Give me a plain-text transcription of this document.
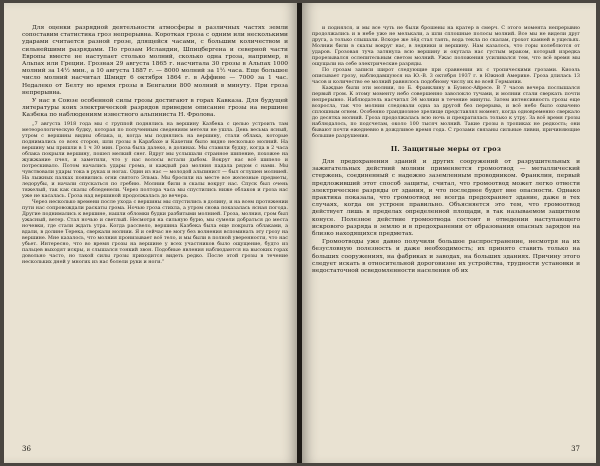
Для оценки разрядной деятельности атмосферы в различных частях земли сопоставим статистика гроз непрерывна. Короткая гроза с одним или несколькими ударами считается разной грозе, длящейся часами, с большим количеством и сильнейшими разрядами. По грозам Исландии, Шпицбергена и северной части Европы вместе не наступает столько молний, сколько одна гроза, например, в Альпах или Греции. Грозная 29 августа 1865 г. насчитала 30 грозы в Альпах 1000 молний за 14½ мин., а 10 августа 1887 г. — 8000 молний за 1½ часа. Еще большее число молний насчитал Шмидт 6 октября 1864 г. в Аффине — 7000 за 1 час. Недалеко от Белту во время грозы в Бенгалии 800 молний в минуту. При гроза непрерывна.

У нас в Союзе особенной силы грозы достигают в горах Кавказа. Для будущей литературы коих электрической разрядов приведем описание грозы на вершине Казбека по наблюдениям известного альпиниста Н. Фролова.

„7 августа 1918 года мы с группой поднялись на вершину Казбека с целью устроить там метеорологическую будку, которая по полученным сведениям метели не ушла. День весьма ясный, утром с вершины видны облака, и, когда мы поднялись на вершину, стали облака, которые поднимались со всех сторон, шли грозы в Карабахе и Кахетии было видно несколько молний. На вершину мы пришли в 1 ч 30 мин. Гроза была далеко, в долинах. Мы ставили будку, когда в 2 часа облака покрыли вершину, пошел мелкий снег. Вдруг мы услышали странное шипение, похожее на жужжание пчел, и заметили, что у нас волосы встали дыбом. Вокруг нас всё шипело и потрескивало. Потом начались удары грома, и каждый раз молния падала рядом с нами. Мы чувствовали удары тока в руках и ногах. Один из нас — молодой альпинист — был оглушен молнией. На лыжных палках появились огни святого Эльма. Мы бросили на месте все железные предметы, ледорубы, и начали спускаться по гребню. Молнии били в скалы вокруг нас. Спуск был очень тяжелый, так как скалы обледенели. Через полтора часа мы спустились ниже облаков и гроза нас уже не касалась. Гроза над вершиной продолжалась до вечера.

Через несколько времени после ухода с вершины мы спустились в долину, и на всем протяжении пути нас сопровождали раскаты грома. Ночью гроза стихла, а утром снова показалась ясная погода. Другие поднимались к вершине, нашли обломки будки разбитыми молнией. Гроза, молния, гром был ужасный, ветер. Стал ночью и светлый. Несмотря на сильную бурю, мы сумели добраться до места ночевки, где стали ждать утра. Когда рассвело, вершина Казбека была еще покрыта облаками, а вдали, в долине Терека, сверкали молнии. Я и сейчас не могу без волнения вспоминать эту грозу на вершине. Мне казалось, что молния пронизывает всё тело, и мы были в полной уверенности, что нас убьет. Интересно, что во время грозы на вершине у всех участников было ощущение, будто из пальцев выходят искры, и слышался тонкий звон. Подобные явления наблюдаются на высоких горах довольно часто, но такой силы грозы приходится видеть редко. После этой грозы в течение нескольких дней у многих из нас болели руки и ноги.“

36

и поднялся, и мы все чуть не были брошены на кратер в смерч. С этого момента непрерывно продолжались и в небе уже не мелькали, а шли сплошные полосы молний. Все мы не видели друг друга, а только слышали. Вскоре же лёд стал таять, вода текла по скалам, грохот камней в ущельях. Молнии били в скалы вокруг нас, в ледники и вершину. Нам казалось, что горы колеблются от ударов. Грозовая туча затянула всю вершину и окутала нас густым мраком, который изредка прорезывался ослепительным светом молний. Ужас положения усиливался тем, что всё время мы ощущали на себе электрические разряды.

По грозам записи широт следующие при сравнении их с тропическими грозами. Киоэль описывает грозу, наблюдавшуюся на Ю.-В. 3 октября 1937 г. в Южной Америке. Гроза длилась 13 часов и количество ее молний равнялось подобному числу их во всей Германии.

Каждые были эти молнии, по Б. Франклину в Буэнос-Айресе. В 7 часов вечера послышался первый гром. К этому моменту небо совершенно заволокло тучами, и молнии стали сверкать почти непрерывно. Наблюдатель насчитал 34 молнии в течение минуты. Затем интенсивность грозы еще возросла, так что молнии следовали одна за другой без перерыва, и всё небо было охвачено сплошным огнем. Особенно грандиозное зрелище представлял момент, когда одновременно сверкало до десятка молний. Гроза продолжалась всю ночь и прекратилась только к утру. За всё время грозы наблюдалось, по подсчетам, около 100 тысяч молний. Такие грозы в тропиках не редкость; они бывают почти ежедневно в дождливое время года. С грозами связаны сильные ливни, причиняющие большие разрушения.

II. Защитные меры от гроз

Для предохранения зданий и других сооружений от разрушительных и зажигательных действий молнии применяется громоотвод — металлический стержень, соединенный с надежно заземленным проводником. Франклин, первый предложивший этот способ защиты, считал, что громоотвод может легко отвести электрические разряды от здания, и что последнее будет вне опасности. Однако практика показала, что громоотвод не всегда предохраняет здание, даже в тех случаях, когда он устроен правильно. Объясняется это тем, что громоотвод действует лишь в пределах определенной площади, в так называемом защитном конусе. Полезное действие громоотвода состоит в отведении наступающего искрового разряда в землю и в предохранении от образования опасных зарядов на близко находящихся предметах.

Громоотводы уже давно получили большое распространение, несмотря на их безусловную полезность и даже необходимость; их принято ставить только на больших сооружениях, на фабриках и заводах, на больших зданиях. Причину этого следует искать в относительной дороговизне их устройства, трудности установки и недостаточной осведомленности населения об их

37
